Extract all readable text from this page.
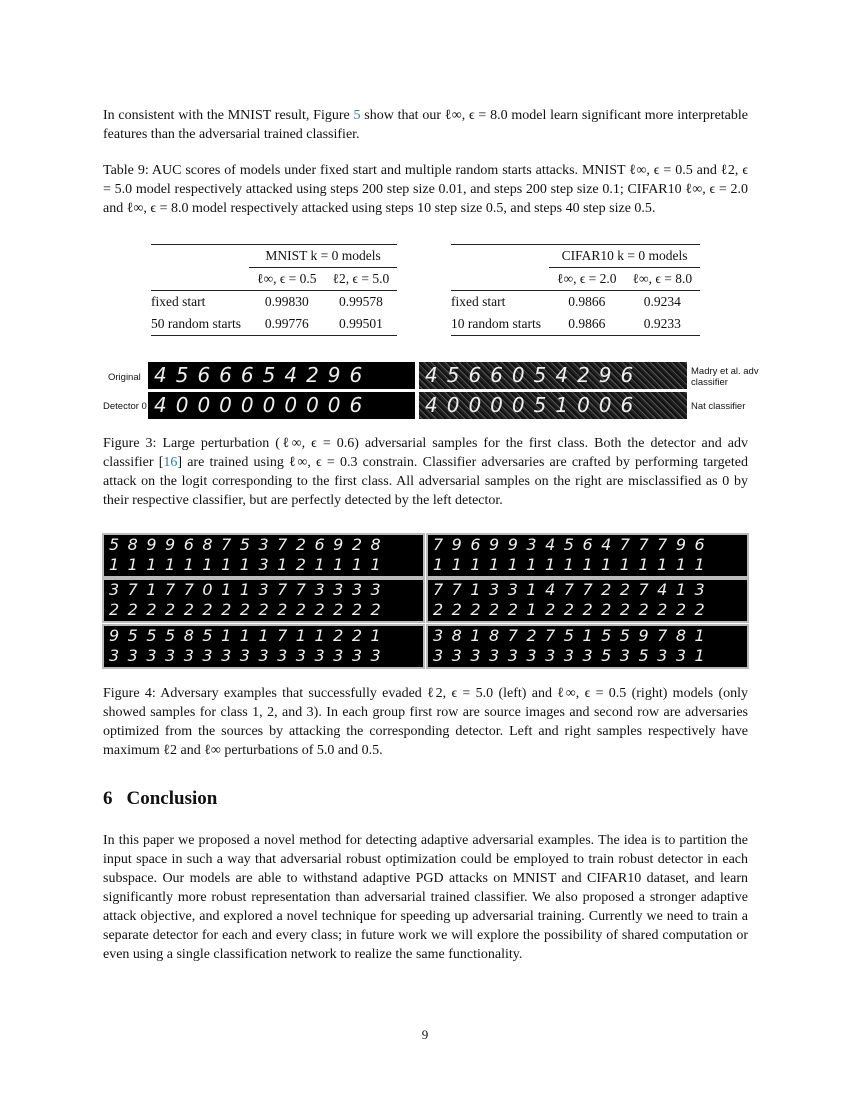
In consistent with the MNIST result, Figure 5 show that our ℓ∞, ϵ = 8.0 model learn significant more interpretable features than the adversarial trained classifier.

Table 9: AUC scores of models under fixed start and multiple random starts attacks. MNIST ℓ∞, ϵ = 0.5 and ℓ2, ϵ = 5.0 model respectively attacked using steps 200 step size 0.01, and steps 200 step size 0.1; CIFAR10 ℓ∞, ϵ = 2.0 and ℓ∞, ϵ = 8.0 model respectively attacked using steps 10 step size 0.5, and steps 40 step size 0.5.

	MNIST k = 0 models	
	ℓ∞, ϵ = 0.5	ℓ2, ϵ = 5.0
fixed start	0.99830	0.99578
50 random starts	0.99776	0.99501
	CIFAR10 k = 0 models	
	ℓ∞, ϵ = 2.0	ℓ∞, ϵ = 8.0
fixed start	0.9866	0.9234
10 random starts	0.9866	0.9233
Original
Detector 0
4566654296
4000000006
4566054296
4000051006
Madry et al. adv classifier
Nat classifier

Figure 3: Large perturbation (ℓ∞, ϵ = 0.6) adversarial samples for the first class. Both the detector and adv classifier [16] are trained using ℓ∞, ϵ = 0.3 constrain. Classifier adversaries are crafted by performing targeted attack on the logit corresponding to the first class. All adversarial samples on the right are misclassified as 0 by their respective classifier, but are perfectly detected by the left detector.

589968753726928
111111113121111
371770113773333
222222222222222
955585111711221
333333333333333
796993456477796
111111111111111
771331477227413
222221222222222
381872751559781
333333333535331

Figure 4: Adversary examples that successfully evaded ℓ2, ϵ = 5.0 (left) and ℓ∞, ϵ = 0.5 (right) models (only showed samples for class 1, 2, and 3). In each group first row are source images and second row are adversaries optimized from the sources by attacking the corresponding detector. Left and right samples respectively have maximum ℓ2 and ℓ∞ perturbations of 5.0 and 0.5.

6 Conclusion

In this paper we proposed a novel method for detecting adaptive adversarial examples. The idea is to partition the input space in such a way that adversarial robust optimization could be employed to train robust detector in each subspace. Our models are able to withstand adaptive PGD attacks on MNIST and CIFAR10 dataset, and learn significantly more robust representation than adversarial trained classifier. We also proposed a stronger adaptive attack objective, and explored a novel technique for speeding up adversarial training. Currently we need to train a separate detector for each and every class; in future work we will explore the possibility of shared computation or even using a single classification network to realize the same functionality.

9
